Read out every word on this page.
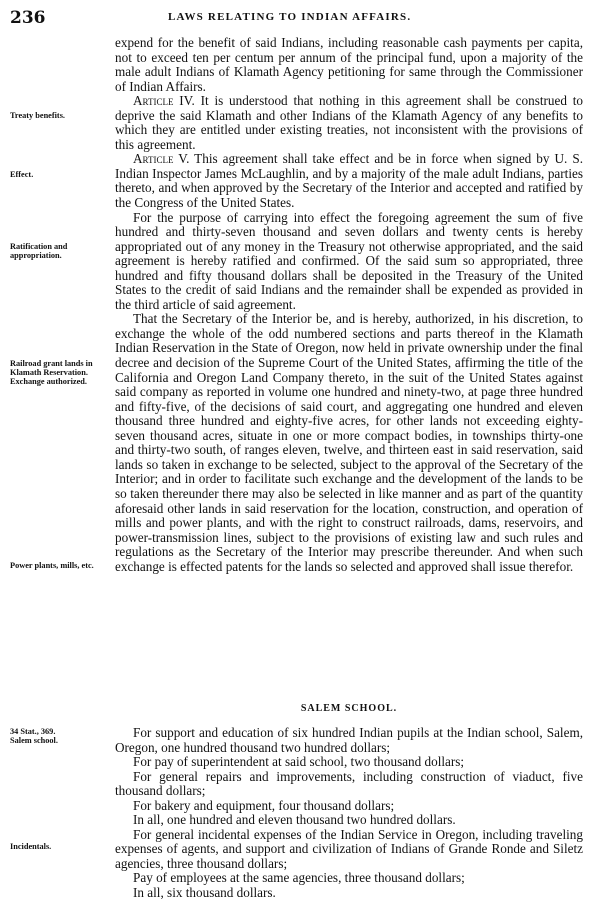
236	LAWS RELATING TO INDIAN AFFAIRS.
Treaty benefits.
Effect.
Ratification and appropriation.
Railroad grant lands in Klamath Reservation. Exchange authorized.
Power plants, mills, etc.
34 Stat., 369.
Salem school.
Incidentals.

expend for the benefit of said Indians, including reasonable cash payments per capita, not to exceed ten per centum per annum of the principal fund, upon a majority of the male adult Indians of Klamath Agency petitioning for same through the Commissioner of Indian Affairs.

Article IV. It is understood that nothing in this agreement shall be construed to deprive the said Klamath and other Indians of the Klamath Agency of any benefits to which they are entitled under existing treaties, not inconsistent with the provisions of this agreement.

Article V. This agreement shall take effect and be in force when signed by U. S. Indian Inspector James McLaughlin, and by a majority of the male adult Indians, parties thereto, and when approved by the Secretary of the Interior and accepted and ratified by the Congress of the United States.

For the purpose of carrying into effect the foregoing agreement the sum of five hundred and thirty-seven thousand and seven dollars and twenty cents is hereby appropriated out of any money in the Treasury not otherwise appropriated, and the said agreement is hereby ratified and confirmed. Of the said sum so appropriated, three hundred and fifty thousand dollars shall be deposited in the Treasury of the United States to the credit of said Indians and the remainder shall be expended as provided in the third article of said agreement.

That the Secretary of the Interior be, and is hereby, authorized, in his discretion, to exchange the whole of the odd numbered sections and parts thereof in the Klamath Indian Reservation in the State of Oregon, now held in private ownership under the final decree and decision of the Supreme Court of the United States, affirming the title of the California and Oregon Land Company thereto, in the suit of the United States against said company as reported in volume one hundred and ninety-two, at page three hundred and fifty-five, of the decisions of said court, and aggregating one hundred and eleven thousand three hundred and eighty-five acres, for other lands not exceeding eighty-seven thousand acres, situate in one or more compact bodies, in townships thirty-one and thirty-two south, of ranges eleven, twelve, and thirteen east in said reservation, said lands so taken in exchange to be selected, subject to the approval of the Secretary of the Interior; and in order to facilitate such exchange and the development of the lands to be so taken thereunder there may also be selected in like manner and as part of the quantity aforesaid other lands in said reservation for the location, construction, and operation of mills and power plants, and with the right to construct railroads, dams, reservoirs, and power-transmission lines, subject to the provisions of existing law and such rules and regulations as the Secretary of the Interior may prescribe thereunder. And when such exchange is effected patents for the lands so selected and approved shall issue therefor.

SALEM SCHOOL.

For support and education of six hundred Indian pupils at the Indian school, Salem, Oregon, one hundred thousand two hundred dollars;

For pay of superintendent at said school, two thousand dollars;

For general repairs and improvements, including construction of viaduct, five thousand dollars;

For bakery and equipment, four thousand dollars;

In all, one hundred and eleven thousand two hundred dollars.

For general incidental expenses of the Indian Service in Oregon, including traveling expenses of agents, and support and civilization of Indians of Grande Ronde and Siletz agencies, three thousand dollars;

Pay of employees at the same agencies, three thousand dollars;

In all, six thousand dollars.
